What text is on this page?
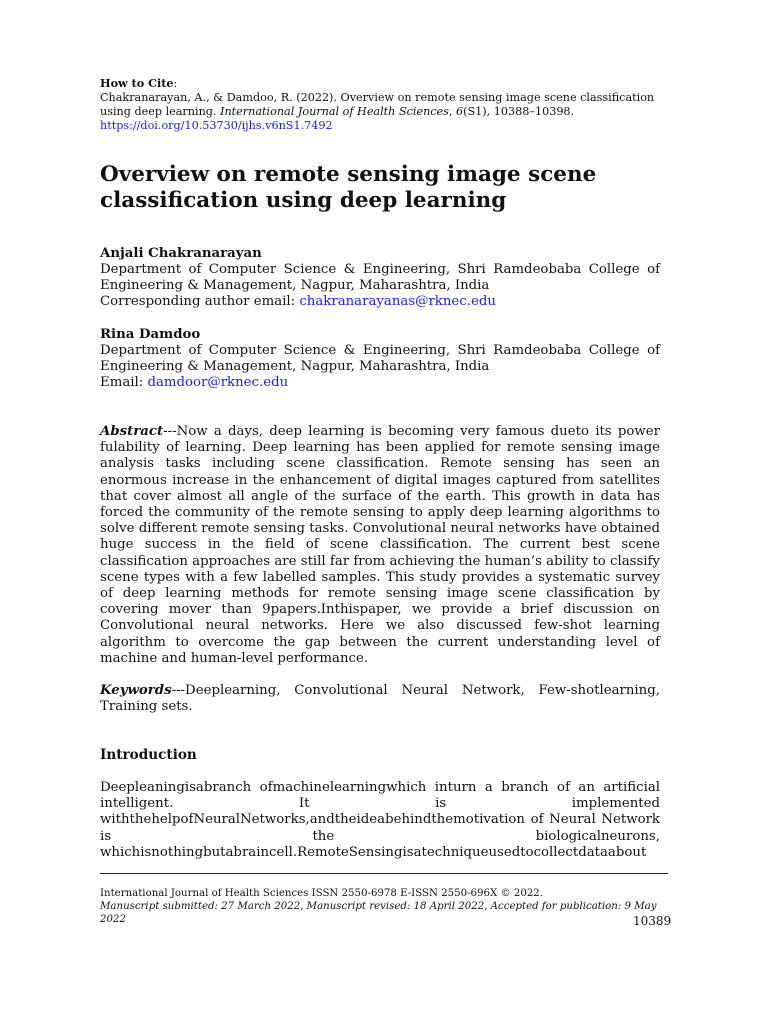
How to Cite:
Chakranarayan, A., & Damdoo, R. (2022). Overview on remote sensing image scene classification
using deep learning. International Journal of Health Sciences, 6(S1), 10388–10398.
https://doi.org/10.53730/ijhs.v6nS1.7492
Overview on remote sensing image scene
classification using deep learning
Anjali Chakranarayan
Department of Computer Science & Engineering, Shri Ramdeobaba College of
Engineering & Management, Nagpur, Maharashtra, India
Corresponding author email: chakranarayanas@rknec.edu
Rina Damdoo
Department of Computer Science & Engineering, Shri Ramdeobaba College of
Engineering & Management, Nagpur, Maharashtra, India
Email: damdoor@rknec.edu

Abstract---Now a days, deep learning is becoming very famous dueto its power fulability of learning. Deep learning has been applied for remote sensing image analysis tasks including scene classification. Remote sensing has seen an enormous increase in the enhancement of digital images captured from satellites that cover almost all angle of the surface of the earth. This growth in data has forced the community of the remote sensing to apply deep learning algorithms to solve different remote sensing tasks. Convolutional neural networks have obtained huge success in the field of scene classification. The current best scene classification approaches are still far from achieving the human’s ability to classify scene types with a few labelled samples. This study provides a systematic survey of deep learning methods for remote sensing image scene classification by covering mover than 9papers.Inthispaper, we provide a brief discussion on Convolutional neural networks. Here we also discussed few-shot learning algorithm to overcome the gap between the current understanding level of machine and human-level performance.

Keywords---Deeplearning, Convolutional Neural Network, Few-shotlearning, Training sets.

Introduction
Deepleaningisabranch ofmachinelearningwhich inturn a branch of an artificial
intelligent.	It	is	implemented
withthehelpofNeuralNetworks,andtheideabehindthemotivation of Neural Network
is	the	biologicalneurons,
whichisnothingbutabraincell.RemoteSensingisatechniqueusedtocollectdataabout
International Journal of Health Sciences ISSN 2550-6978 E-ISSN 2550-696X © 2022.
Manuscript submitted: 27 March 2022, Manuscript revised: 18 April 2022, Accepted for publication: 9 May 2022	10389
